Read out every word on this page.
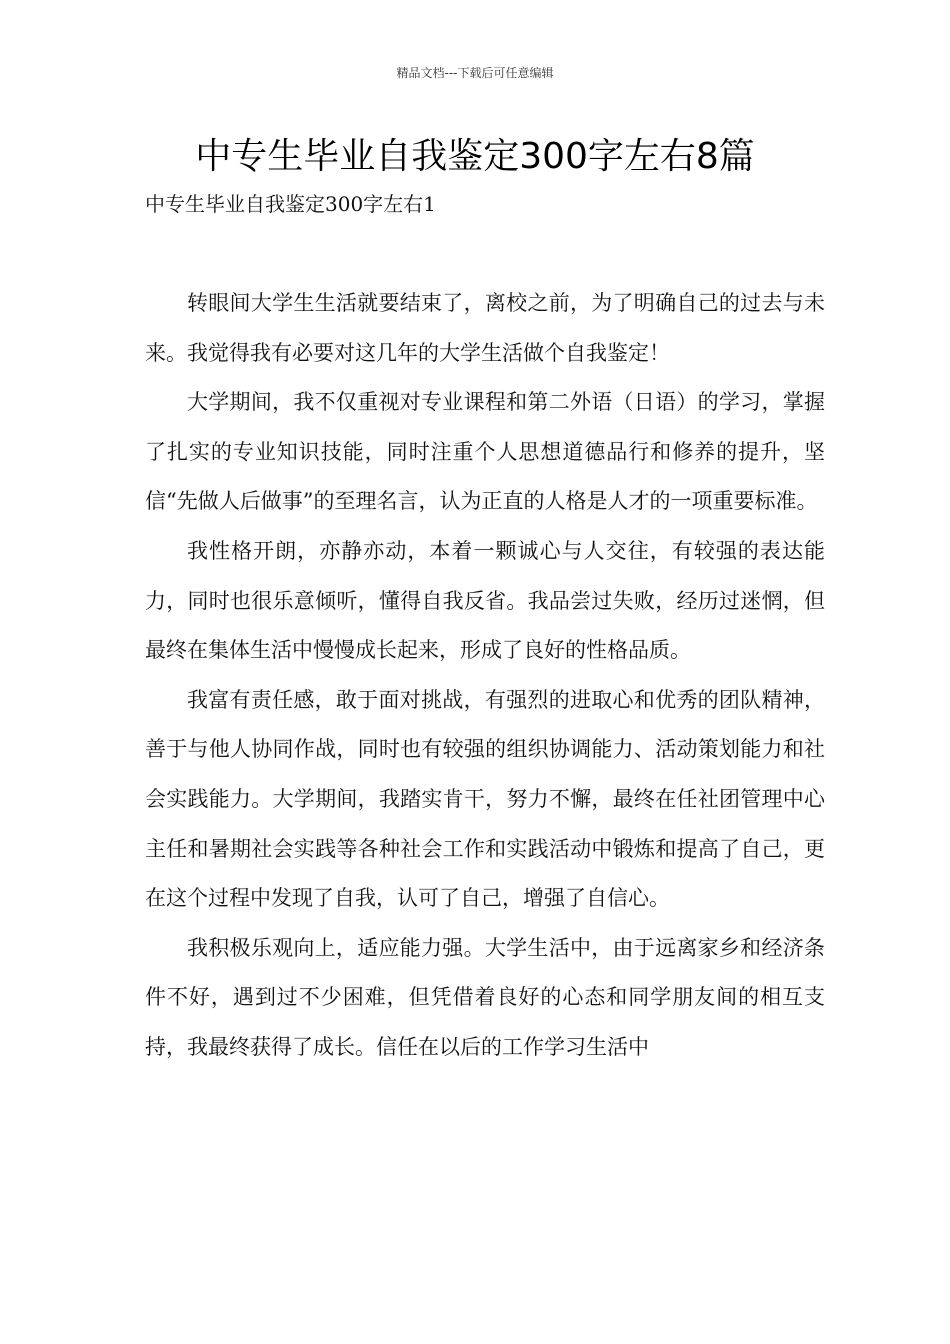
精品文档---下载后可任意编辑
中专生毕业自我鉴定300字左右8篇
中专生毕业自我鉴定300字左右1

转眼间大学生生活就要结束了，离校之前，为了明确自己的过去与未来。我觉得我有必要对这几年的大学生活做个自我鉴定！

大学期间，我不仅重视对专业课程和第二外语（日语）的学习，掌握了扎实的专业知识技能，同时注重个人思想道德品行和修养的提升，坚信“先做人后做事”的至理名言，认为正直的人格是人才的一项重要标准。

我性格开朗，亦静亦动，本着一颗诚心与人交往，有较强的表达能力，同时也很乐意倾听，懂得自我反省。我品尝过失败，经历过迷惘，但最终在集体生活中慢慢成长起来，形成了良好的性格品质。

我富有责任感，敢于面对挑战，有强烈的进取心和优秀的团队精神，善于与他人协同作战，同时也有较强的组织协调能力、活动策划能力和社会实践能力。大学期间，我踏实肯干，努力不懈，最终在任社团管理中心主任和暑期社会实践等各种社会工作和实践活动中锻炼和提高了自己，更在这个过程中发现了自我，认可了自己，增强了自信心。

我积极乐观向上，适应能力强。大学生活中，由于远离家乡和经济条件不好，遇到过不少困难，但凭借着良好的心态和同学朋友间的相互支持，我最终获得了成长。信任在以后的工作学习生活中
